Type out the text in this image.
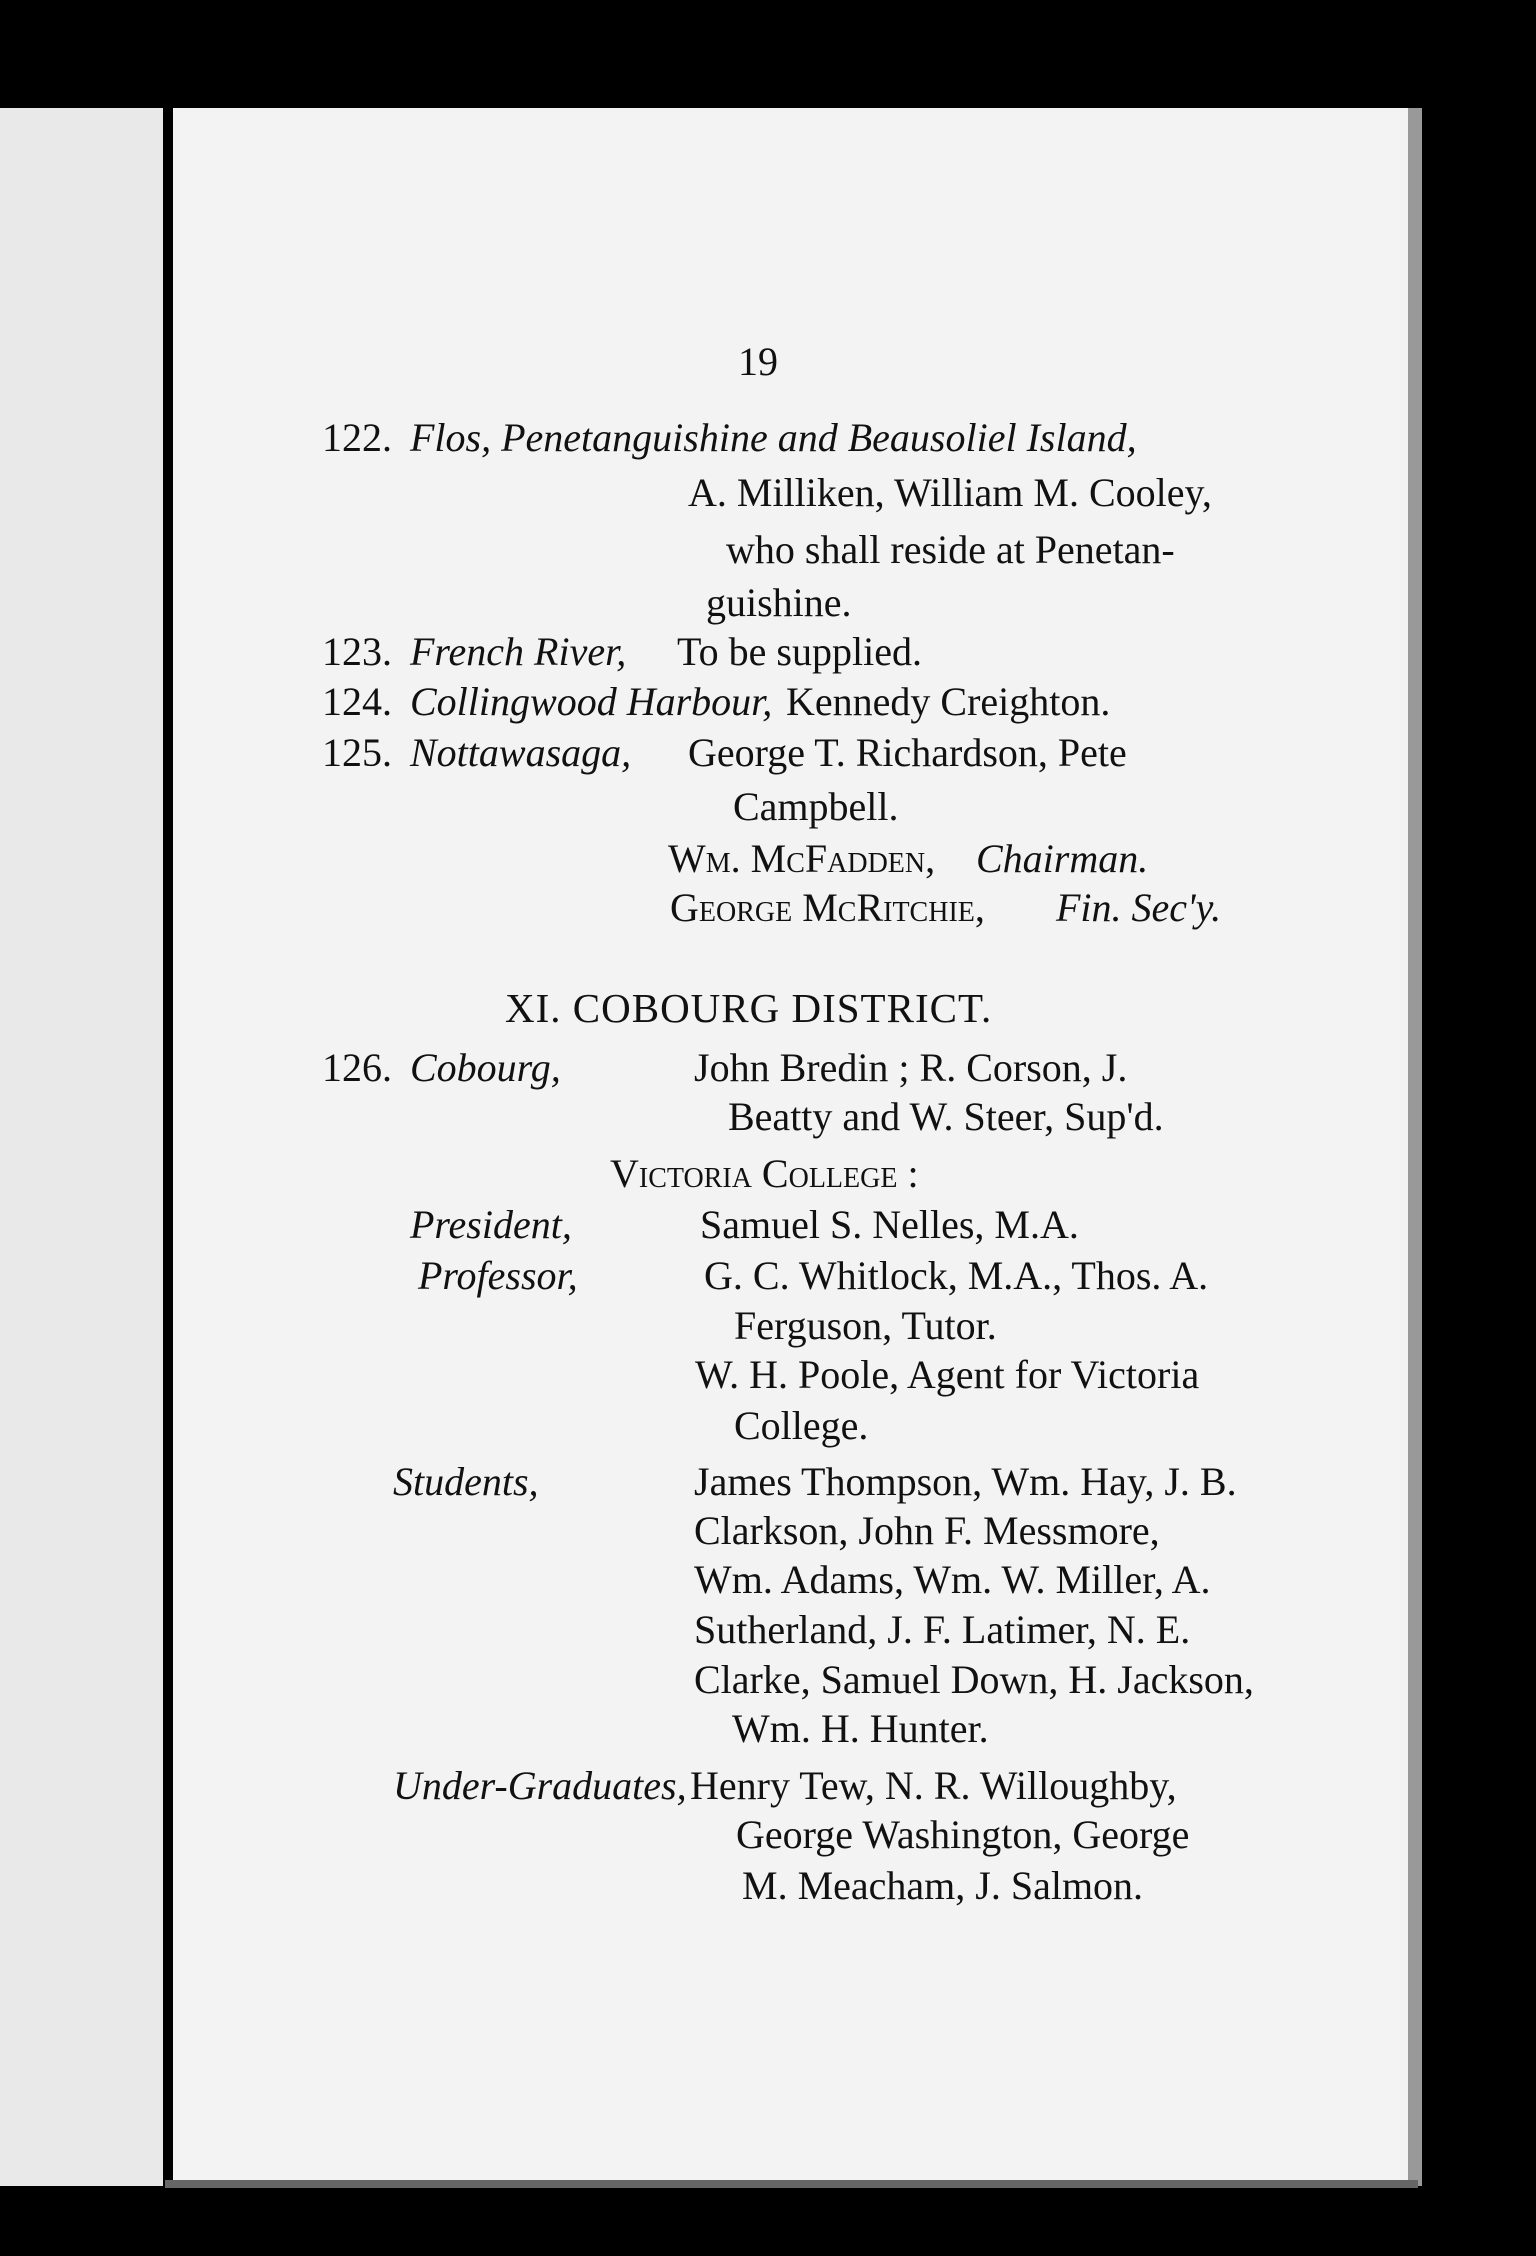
19
122. Flos, Penetanguishine and Beausoliel Island,
A. Milliken, William M. Cooley,
who shall reside at Penetan-
guishine.
123. French River, To be supplied.
124. Collingwood Harbour, Kennedy Creighton.
125. Nottawasaga, George T. Richardson, Pete
Campbell.
Wm. McFadden, Chairman.
George McRitchie, Fin. Sec'y.
XI. COBOURG DISTRICT.
126. Cobourg,	John Bredin ; R. Corson, J.
Beatty and W. Steer, Sup'd.
Victoria College :
President,	Samuel S. Nelles, M.A.
Professor,	G. C. Whitlock, M.A., Thos. A.
Ferguson, Tutor.
W. H. Poole, Agent for Victoria
College.
Students,	James Thompson, Wm. Hay, J. B.
Clarkson, John F. Messmore,
Wm. Adams, Wm. W. Miller, A.
Sutherland, J. F. Latimer, N. E.
Clarke, Samuel Down, H. Jackson,
Wm. H. Hunter.
Under-Graduates, Henry Tew, N. R. Willoughby,
George Washington, George
M. Meacham, J. Salmon.
